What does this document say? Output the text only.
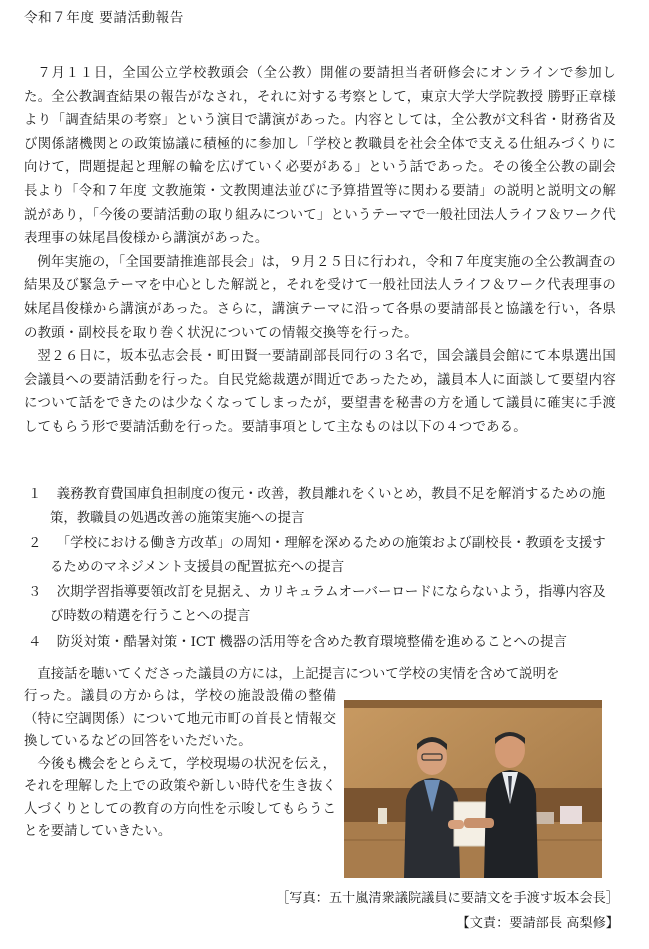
令和７年度 要請活動報告

７月１１日，全国公立学校教頭会（全公教）開催の要請担当者研修会にオンラインで参加した。全公教調査結果の報告がなされ，それに対する考察として，東京大学大学院教授 勝野正章様より「調査結果の考察」という演目で講演があった。内容としては，全公教が文科省・財務省及び関係諸機関との政策協議に積極的に参加し「学校と教職員を社会全体で支える仕組みづくりに向けて，問題提起と理解の輪を広げていく必要がある」という話であった。その後全公教の副会長より「令和７年度 文教施策・文教関連法並びに予算措置等に関わる要請」の説明と説明文の解説があり，「今後の要請活動の取り組みについて」というテーマで一般社団法人ライフ＆ワーク代表理事の妹尾昌俊様から講演があった。

例年実施の，「全国要請推進部長会」は，９月２５日に行われ，令和７年度実施の全公教調査の結果及び緊急テーマを中心とした解説と，それを受けて一般社団法人ライフ＆ワーク代表理事の妹尾昌俊様から講演があった。さらに，講演テーマに沿って各県の要請部長と協議を行い，各県の教頭・副校長を取り巻く状況についての情報交換等を行った。

翌２６日に，坂本弘志会長・町田賢一要請副部長同行の３名で，国会議員会館にて本県選出国会議員への要請活動を行った。自民党総裁選が間近であったため，議員本人に面談して要望内容について話をできたのは少なくなってしまったが，要望書を秘書の方を通して議員に確実に手渡してもらう形で要請活動を行った。要請事項として主なものは以下の４つである。

１	義務教育費国庫負担制度の復元・改善，教員離れをくいとめ，教員不足を解消するための施策，教職員の処遇改善の施策実施への提言
２	「学校における働き方改革」の周知・理解を深めるための施策および副校長・教頭を支援するためのマネジメント支援員の配置拡充への提言
３	次期学習指導要領改訂を見据え、カリキュラムオーバーロードにならないよう，指導内容及び時数の精選を行うことへの提言
４	防災対策・酷暑対策・ICT 機器の活用等を含めた教育環境整備を進めることへの提言
直接話を聴いてくださった議員の方には，上記提言について学校の実情を含めて説明を

行った。議員の方からは，学校の施設設備の整備（特に空調関係）について地元市町の首長と情報交換しているなどの回答をいただいた。

今後も機会をとらえて，学校現場の状況を伝え，それを理解した上での政策や新しい時代を生き抜く人づくりとしての教育の方向性を示唆してもらうことを要請していきたい。

［写真：五十嵐清衆議院議員に要請文を手渡す坂本会長］
【文責：要請部長 高梨修】
